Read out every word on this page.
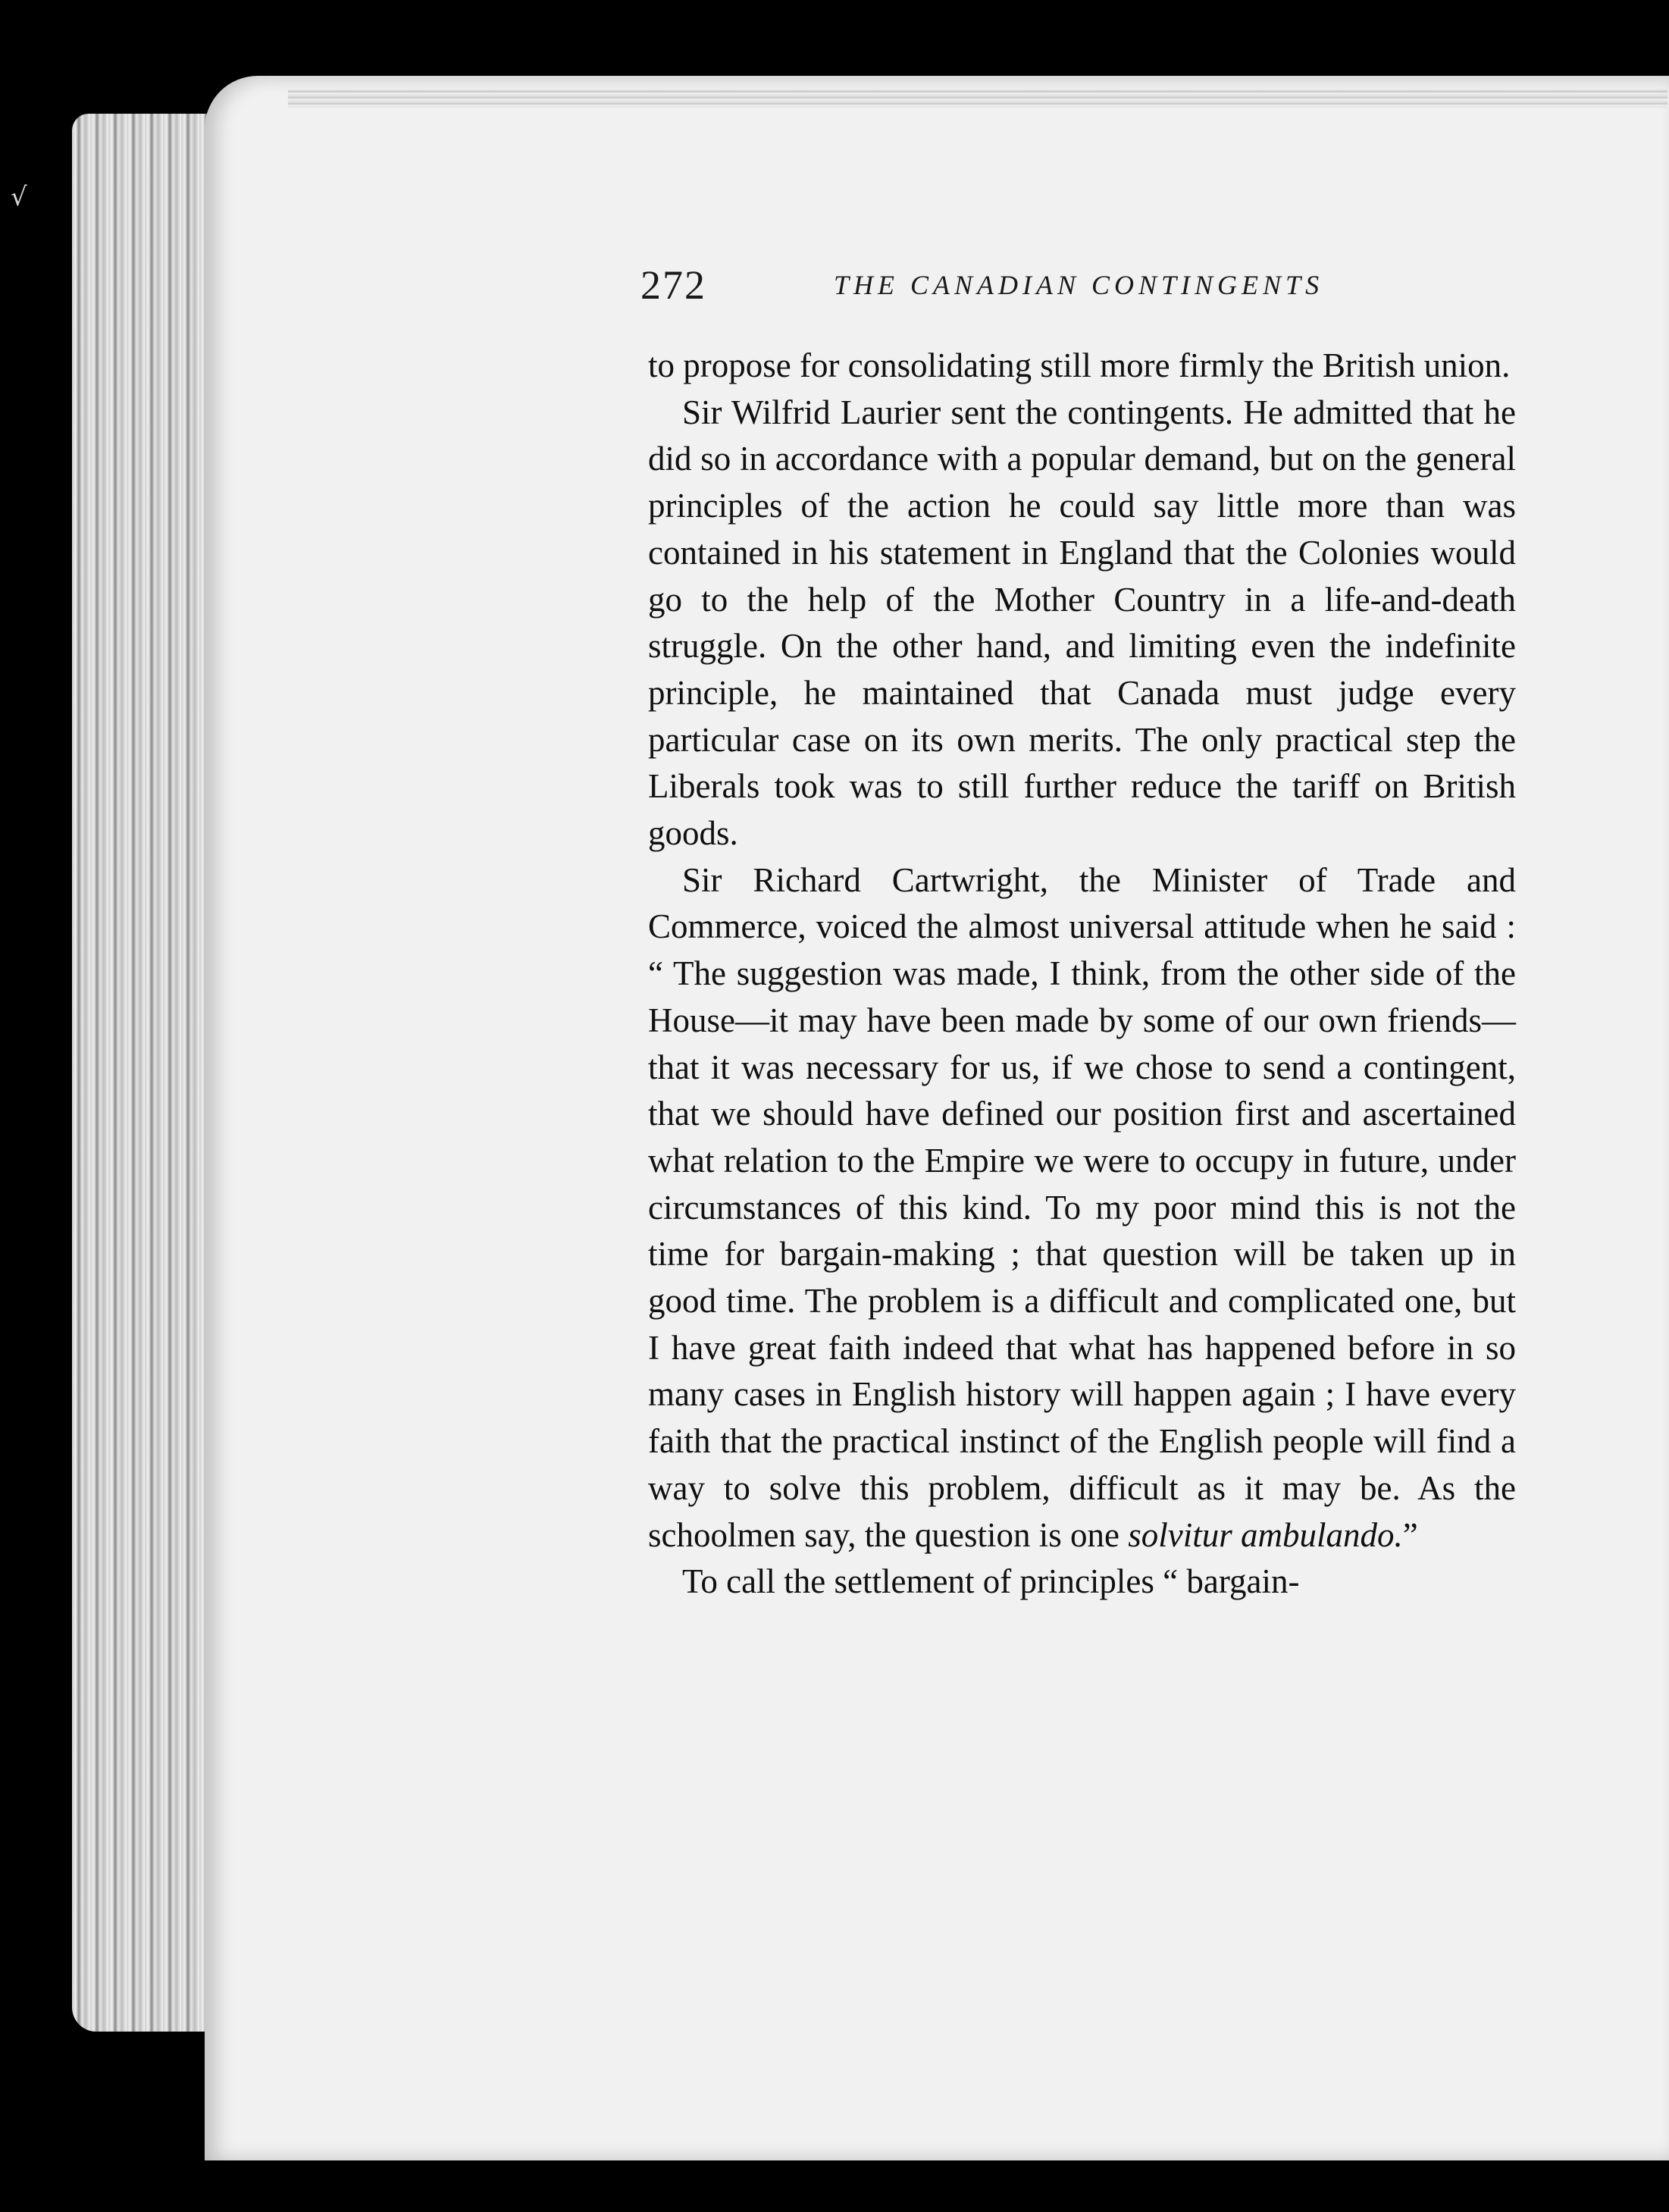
√
272	THE CANADIAN CONTINGENTS

to propose for consolidating still more firmly the British union.

Sir Wilfrid Laurier sent the contingents. He admitted that he did so in accordance with a popular demand, but on the general principles of the action he could say little more than was contained in his statement in England that the Colonies would go to the help of the Mother Country in a life-and-death struggle. On the other hand, and limiting even the indefinite principle, he maintained that Canada must judge every particular case on its own merits. The only practical step the Liberals took was to still further reduce the tariff on British goods.

Sir Richard Cartwright, the Minister of Trade and Commerce, voiced the almost universal attitude when he said : “ The suggestion was made, I think, from the other side of the House—it may have been made by some of our own friends—that it was necessary for us, if we chose to send a contingent, that we should have defined our position first and ascertained what relation to the Empire we were to occupy in future, under circumstances of this kind. To my poor mind this is not the time for bargain-making ; that question will be taken up in good time. The problem is a difficult and complicated one, but I have great faith indeed that what has happened before in so many cases in English history will happen again ; I have every faith that the practical instinct of the English people will find a way to solve this problem, difficult as it may be. As the schoolmen say, the question is one solvitur ambulando.”

To call the settlement of principles “ bargain-
